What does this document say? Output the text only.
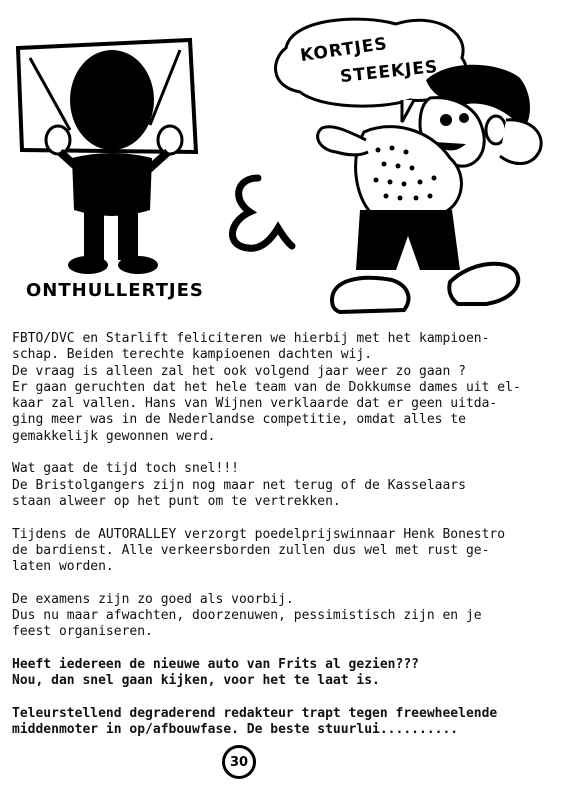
KORTJES
STEEKJES
ONTHULLERTJES
FBTO/DVC en Starlift feliciteren we hierbij met het kampioen-
schap. Beiden terechte kampioenen dachten wij.
De vraag is alleen zal het ook volgend jaar weer zo gaan ?
Er gaan geruchten dat het hele team van de Dokkumse dames uit el-
kaar zal vallen. Hans van Wijnen verklaarde dat er geen uitda-
ging meer was in de Nederlandse competitie, omdat alles te
gemakkelijk gewonnen werd.
Wat gaat de tijd toch snel!!!
De Bristolgangers zijn nog maar net terug of de Kasselaars
staan alweer op het punt om te vertrekken.
Tijdens de AUTORALLEY verzorgt poedelprijswinnaar Henk Bonestro
de bardienst. Alle verkeersborden zullen dus wel met rust ge-
laten worden.
De examens zijn zo goed als voorbij.
Dus nu maar afwachten, doorzenuwen, pessimistisch zijn en je
feest organiseren.
Heeft iedereen de nieuwe auto van Frits al gezien???
Nou, dan snel gaan kijken, voor het te laat is.
Teleurstellend degraderend redakteur trapt tegen freewheelende
middenmoter in op/afbouwfase. De beste stuurlui..........
30
